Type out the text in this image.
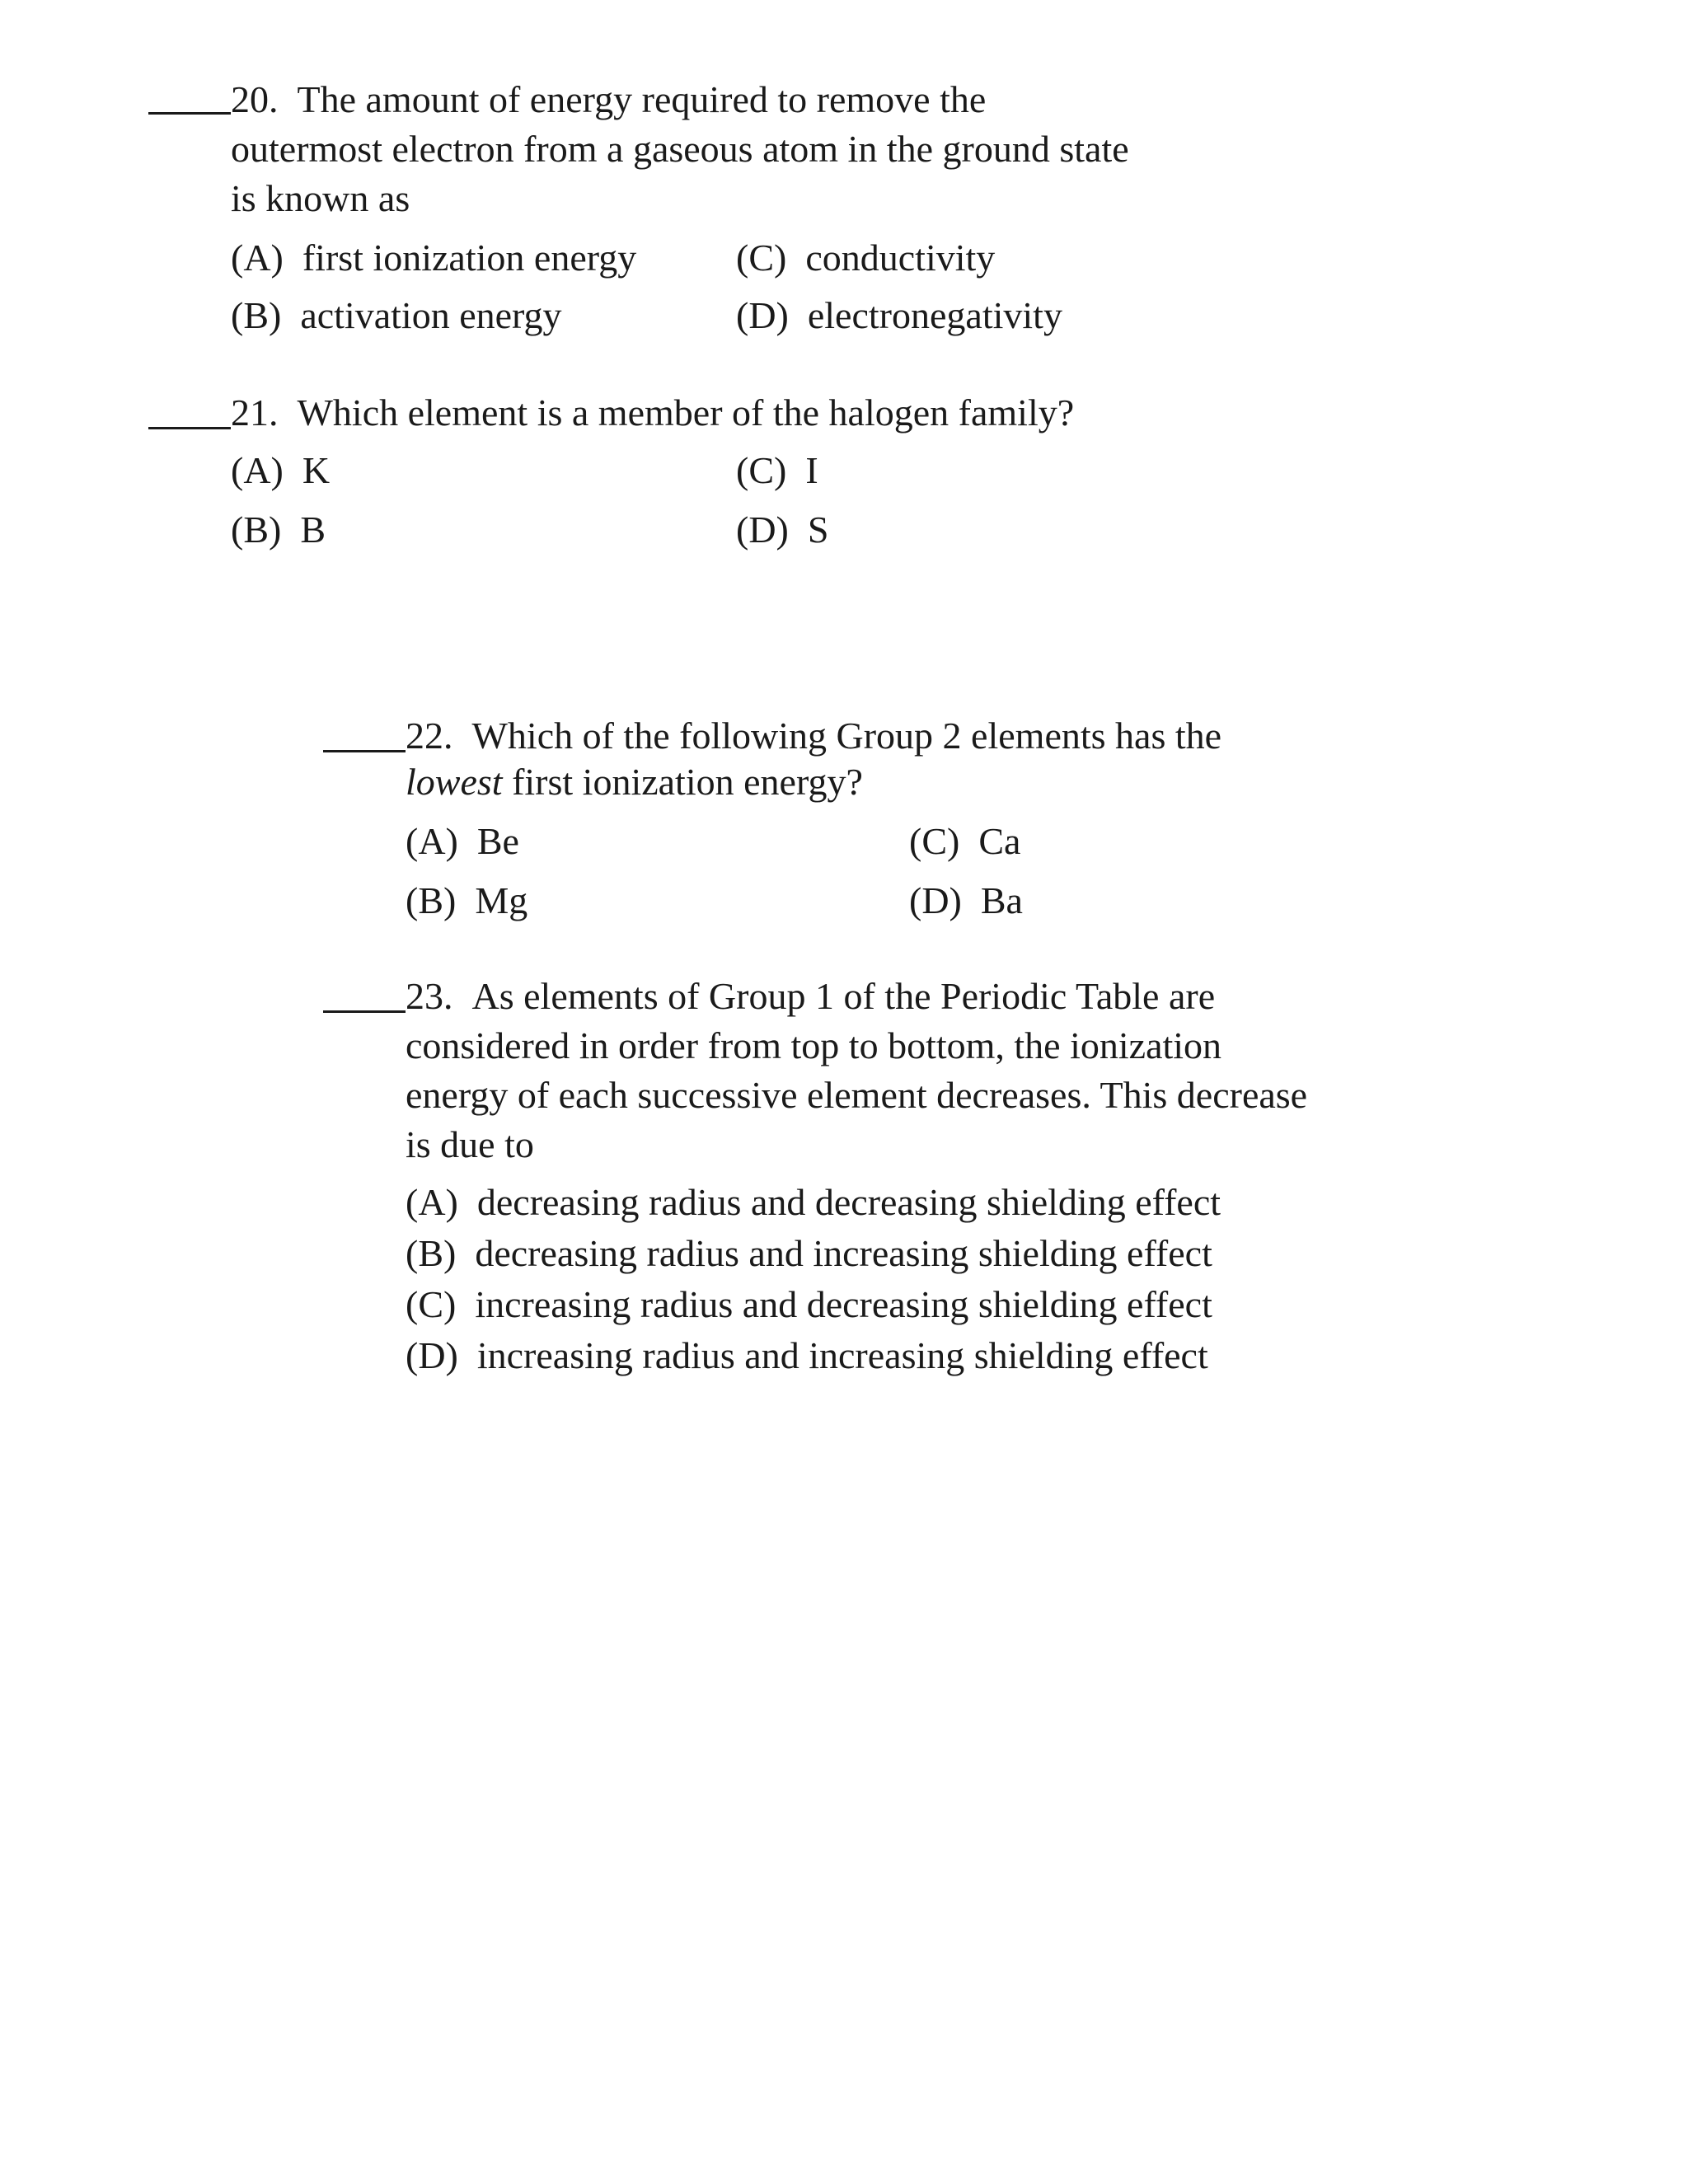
20. The amount of energy required to remove the
outermost electron from a gaseous atom in the ground state
is known as
(A) first ionization energy
(B) activation energy
(C) conductivity
(D) electronegativity
21. Which element is a member of the halogen family?
(A) K
(B) B
(C) I
(D) S
22. Which of the following Group 2 elements has the
lowest first ionization energy?
(A) Be
(B) Mg
(C) Ca
(D) Ba
23. As elements of Group 1 of the Periodic Table are
considered in order from top to bottom, the ionization
energy of each successive element decreases. This decrease
is due to
(A) decreasing radius and decreasing shielding effect
(B) decreasing radius and increasing shielding effect
(C) increasing radius and decreasing shielding effect
(D) increasing radius and increasing shielding effect
